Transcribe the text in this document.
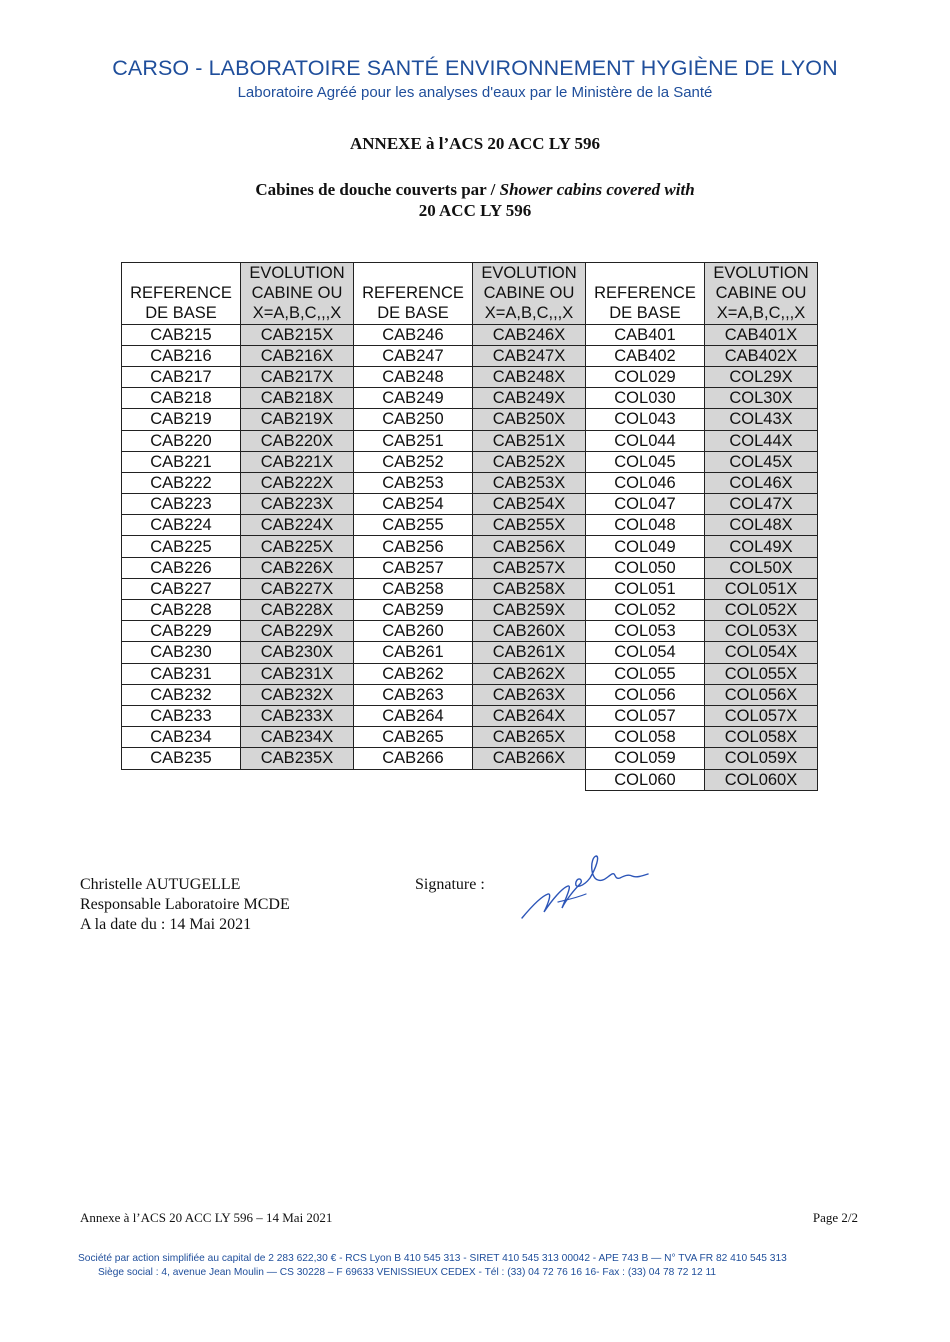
CARSO - LABORATOIRE SANTÉ ENVIRONNEMENT HYGIÈNE DE LYON
Laboratoire Agréé pour les analyses d'eaux par le Ministère de la Santé
ANNEXE à l’ACS 20 ACC LY 596
Cabines de douche couverts par / Shower cabins covered with
20 ACC LY 596
	EVOLUTION		EVOLUTION		EVOLUTION
REFERENCE	CABINE OU	REFERENCE	CABINE OU	REFERENCE	CABINE OU
DE BASE	X=A,B,C,,,X	DE BASE	X=A,B,C,,,X	DE BASE	X=A,B,C,,,X
CAB215	CAB215X	CAB246	CAB246X	CAB401	CAB401X
CAB216	CAB216X	CAB247	CAB247X	CAB402	CAB402X
CAB217	CAB217X	CAB248	CAB248X	COL029	COL29X
CAB218	CAB218X	CAB249	CAB249X	COL030	COL30X
CAB219	CAB219X	CAB250	CAB250X	COL043	COL43X
CAB220	CAB220X	CAB251	CAB251X	COL044	COL44X
CAB221	CAB221X	CAB252	CAB252X	COL045	COL45X
CAB222	CAB222X	CAB253	CAB253X	COL046	COL46X
CAB223	CAB223X	CAB254	CAB254X	COL047	COL47X
CAB224	CAB224X	CAB255	CAB255X	COL048	COL48X
CAB225	CAB225X	CAB256	CAB256X	COL049	COL49X
CAB226	CAB226X	CAB257	CAB257X	COL050	COL50X
CAB227	CAB227X	CAB258	CAB258X	COL051	COL051X
CAB228	CAB228X	CAB259	CAB259X	COL052	COL052X
CAB229	CAB229X	CAB260	CAB260X	COL053	COL053X
CAB230	CAB230X	CAB261	CAB261X	COL054	COL054X
CAB231	CAB231X	CAB262	CAB262X	COL055	COL055X
CAB232	CAB232X	CAB263	CAB263X	COL056	COL056X
CAB233	CAB233X	CAB264	CAB264X	COL057	COL057X
CAB234	CAB234X	CAB265	CAB265X	COL058	COL058X
CAB235	CAB235X	CAB266	CAB266X	COL059	COL059X
				COL060	COL060X
Christelle AUTUGELLE
Responsable Laboratoire MCDE
A la date du : 14 Mai 2021
Signature :
Annexe à l’ACS 20 ACC LY 596 – 14 Mai 2021	Page 2/2
Société par action simplifiée au capital de 2 283 622,30 € - RCS Lyon B 410 545 313 - SIRET 410 545 313 00042 - APE 743 B — N° TVA FR 82 410 545 313
Siège social : 4, avenue Jean Moulin — CS 30228 – F 69633 VENISSIEUX CEDEX - Tél : (33) 04 72 76 16 16- Fax : (33) 04 78 72 12 11
